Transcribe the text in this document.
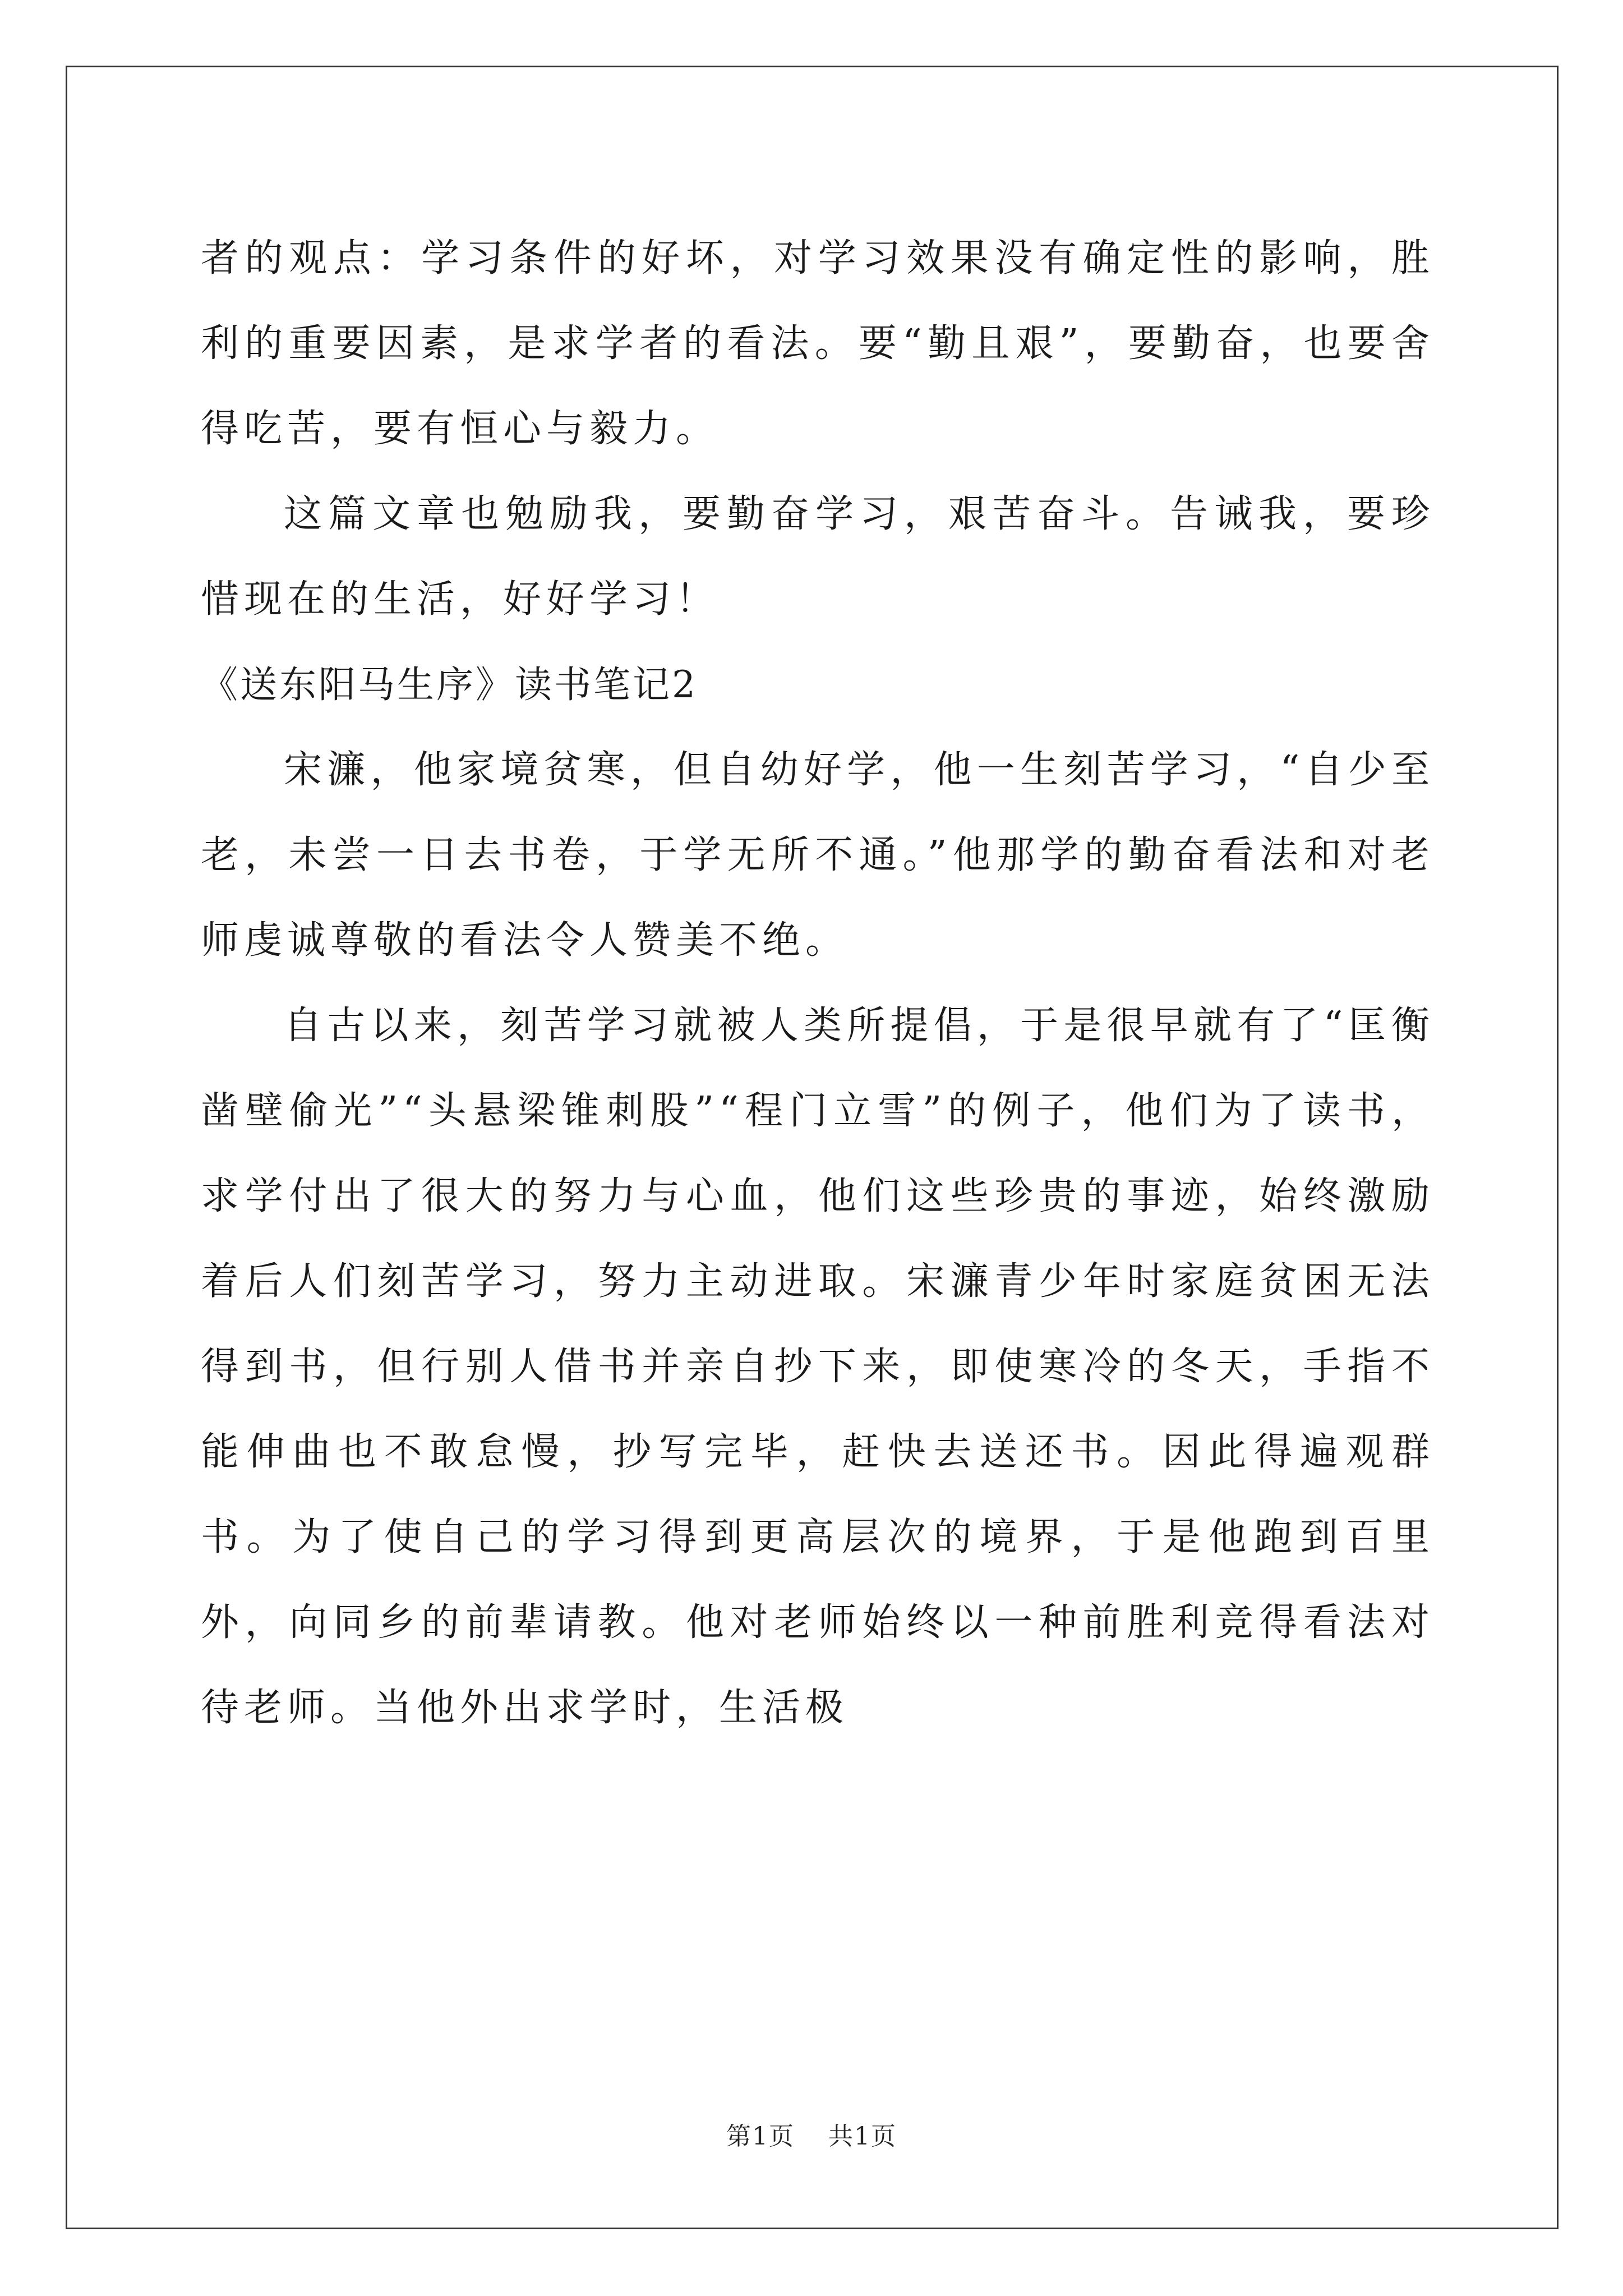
者的观点：学习条件的好坏，对学习效果没有确定性的影响，胜利的重要因素，是求学者的看法。要“勤且艰”，要勤奋，也要舍得吃苦，要有恒心与毅力。

这篇文章也勉励我，要勤奋学习，艰苦奋斗。告诫我，要珍惜现在的生活，好好学习！

《送东阳马生序》读书笔记2

宋濂，他家境贫寒，但自幼好学，他一生刻苦学习，“自少至老，未尝一日去书卷，于学无所不通。”他那学的勤奋看法和对老师虔诚尊敬的看法令人赞美不绝。

自古以来，刻苦学习就被人类所提倡，于是很早就有了“匡衡凿壁偷光”“头悬梁锥刺股”“程门立雪”的例子，他们为了读书，求学付出了很大的努力与心血，他们这些珍贵的事迹，始终激励着后人们刻苦学习，努力主动进取。宋濂青少年时家庭贫困无法得到书，但行别人借书并亲自抄下来，即使寒冷的冬天，手指不能伸曲也不敢怠慢，抄写完毕，赶快去送还书。因此得遍观群书。为了使自己的学习得到更高层次的境界，于是他跑到百里外，向同乡的前辈请教。他对老师始终以一种前胜利竞得看法对待老师。当他外出求学时，生活极

第1页 共1页
